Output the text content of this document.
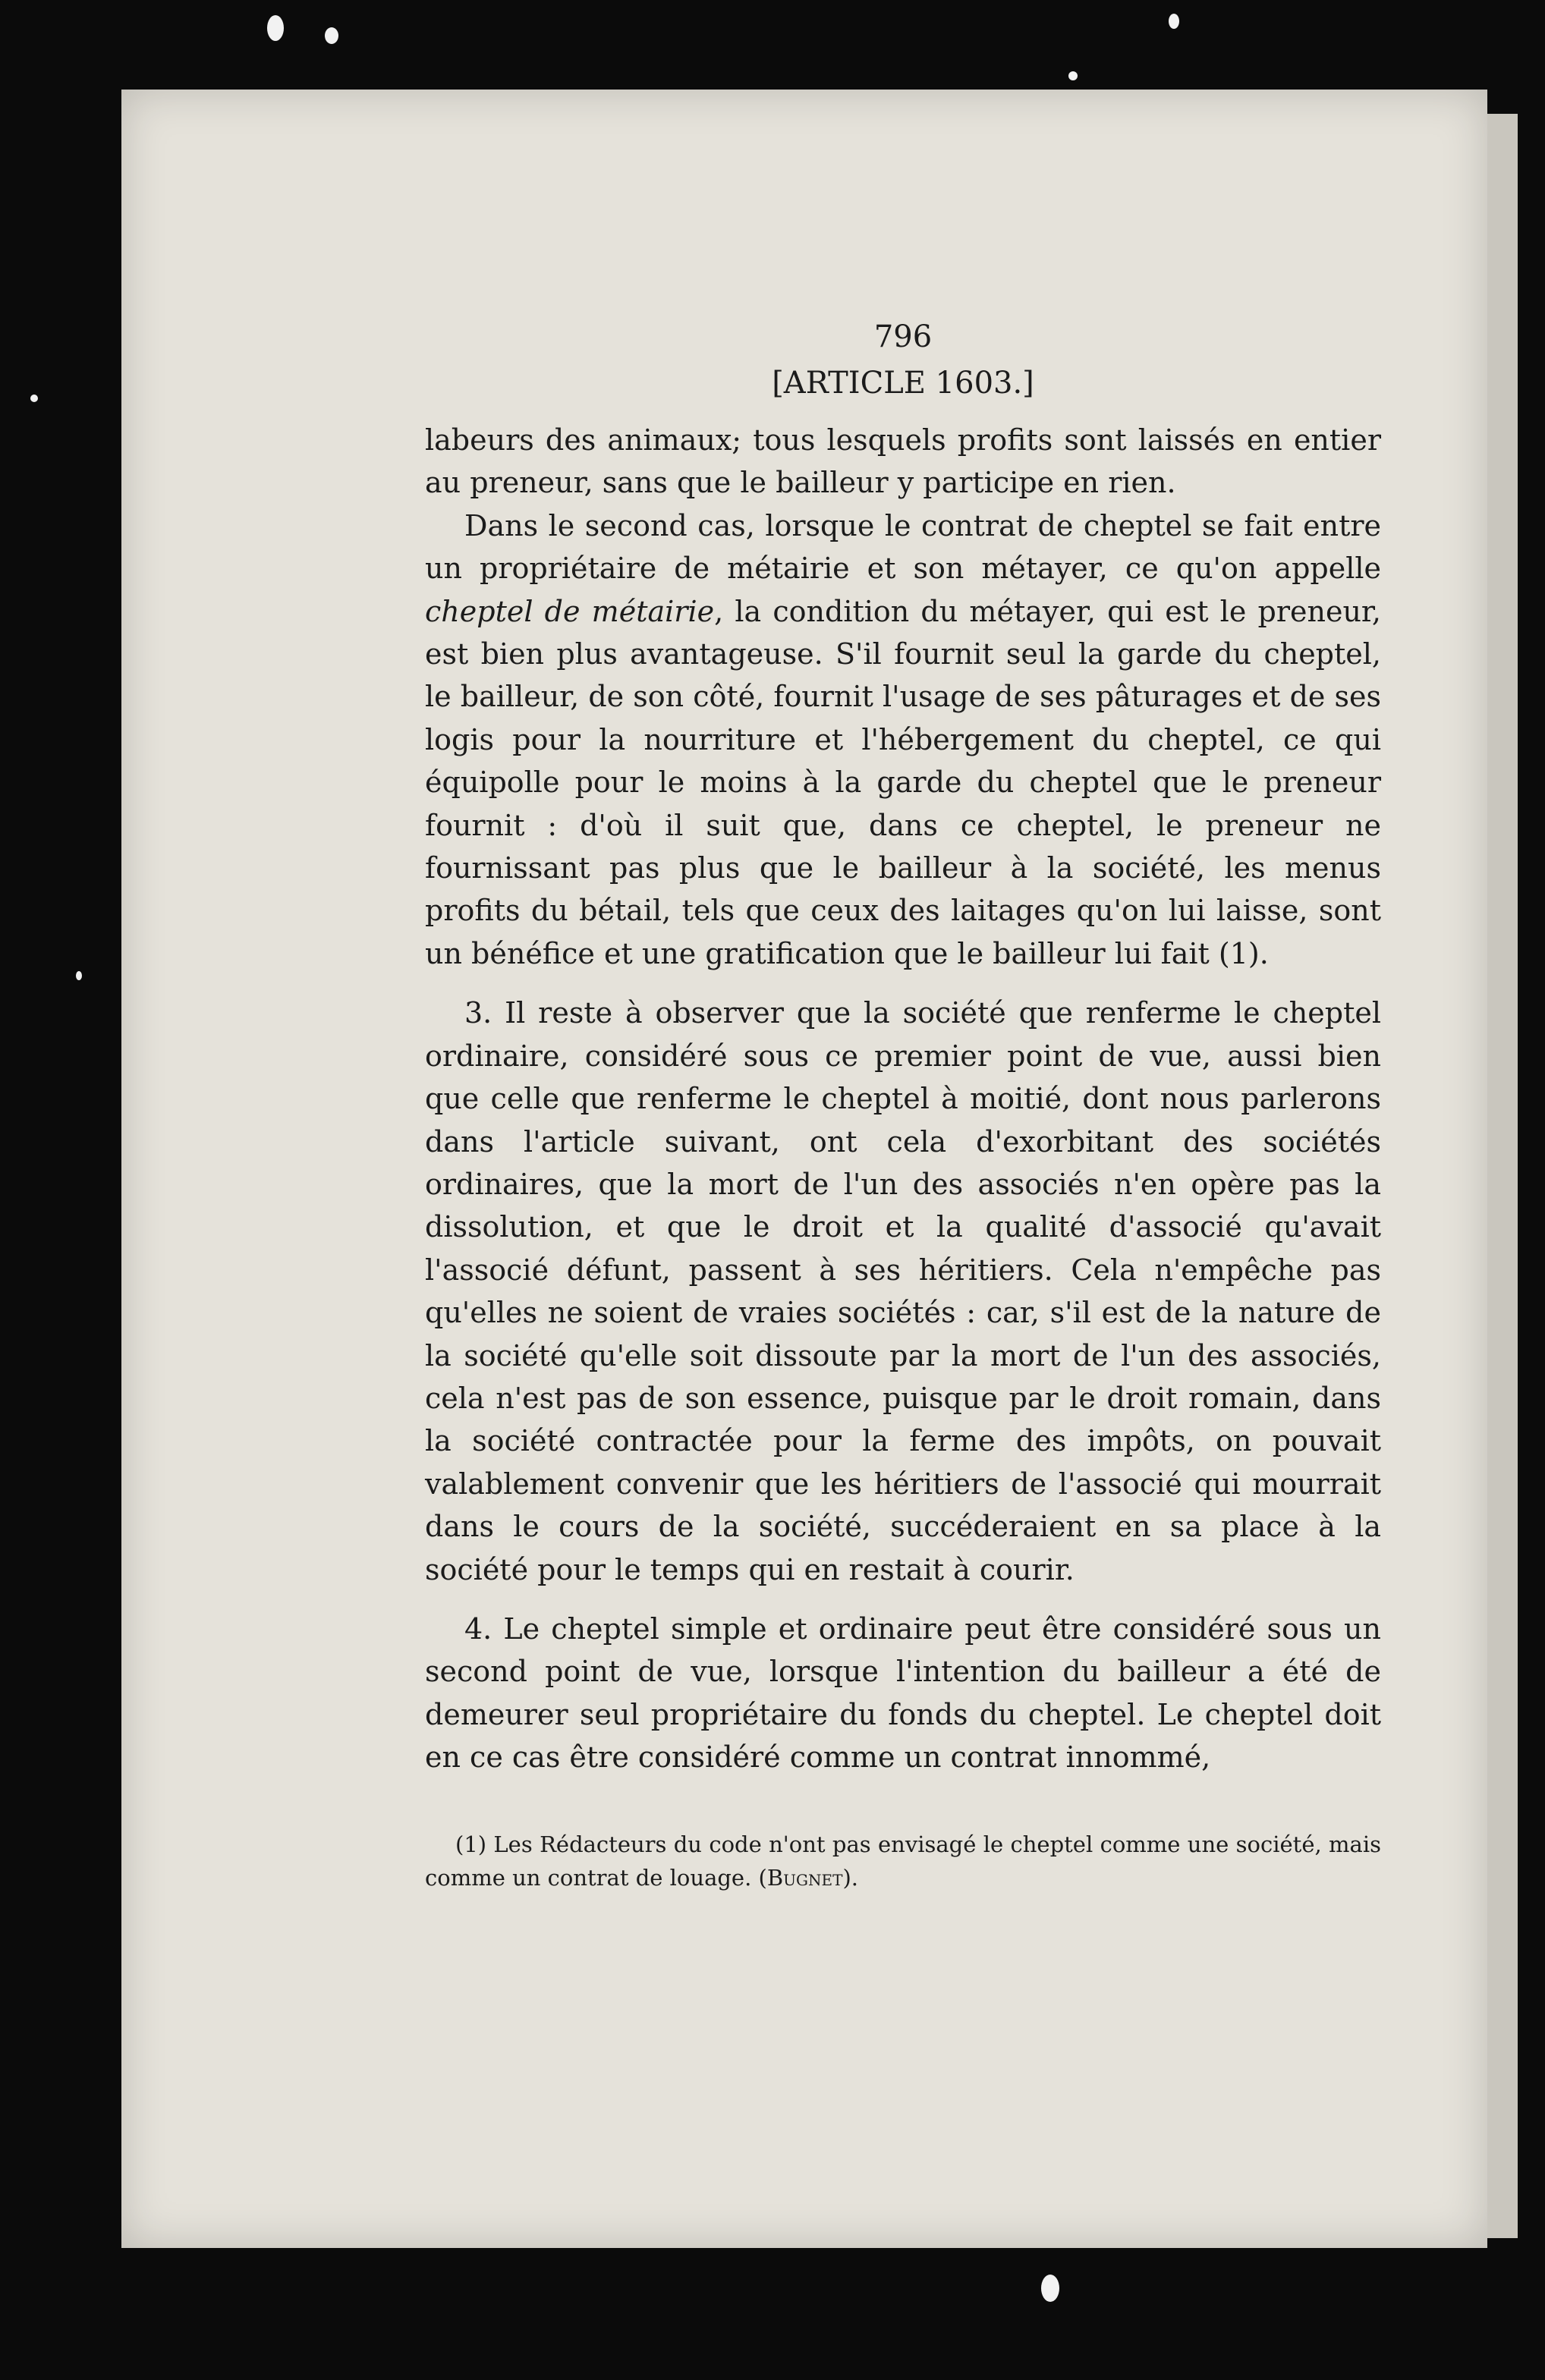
796

[ARTICLE 1603.]

labeurs des animaux; tous lesquels profits sont laissés en entier au preneur, sans que le bailleur y participe en rien.

Dans le second cas, lorsque le contrat de cheptel se fait entre un propriétaire de métairie et son métayer, ce qu'on appelle cheptel de métairie, la condition du métayer, qui est le preneur, est bien plus avantageuse. S'il fournit seul la garde du cheptel, le bailleur, de son côté, fournit l'usage de ses pâturages et de ses logis pour la nourriture et l'hébergement du cheptel, ce qui équipolle pour le moins à la garde du cheptel que le preneur fournit : d'où il suit que, dans ce cheptel, le preneur ne fournissant pas plus que le bailleur à la société, les menus profits du bétail, tels que ceux des laitages qu'on lui laisse, sont un bénéfice et une gratification que le bailleur lui fait (1).

3. Il reste à observer que la société que renferme le cheptel ordinaire, considéré sous ce premier point de vue, aussi bien que celle que renferme le cheptel à moitié, dont nous parlerons dans l'article suivant, ont cela d'exorbitant des sociétés ordinaires, que la mort de l'un des associés n'en opère pas la dissolution, et que le droit et la qualité d'associé qu'avait l'associé défunt, passent à ses héritiers. Cela n'empêche pas qu'elles ne soient de vraies sociétés : car, s'il est de la nature de la société qu'elle soit dissoute par la mort de l'un des associés, cela n'est pas de son essence, puisque par le droit romain, dans la société contractée pour la ferme des impôts, on pouvait valablement convenir que les héritiers de l'associé qui mourrait dans le cours de la société, succéderaient en sa place à la société pour le temps qui en restait à courir.

4. Le cheptel simple et ordinaire peut être considéré sous un second point de vue, lorsque l'intention du bailleur a été de demeurer seul propriétaire du fonds du cheptel. Le cheptel doit en ce cas être considéré comme un contrat innommé,

(1) Les Rédacteurs du code n'ont pas envisagé le cheptel comme une société, mais comme un contrat de louage. (Bugnet).
